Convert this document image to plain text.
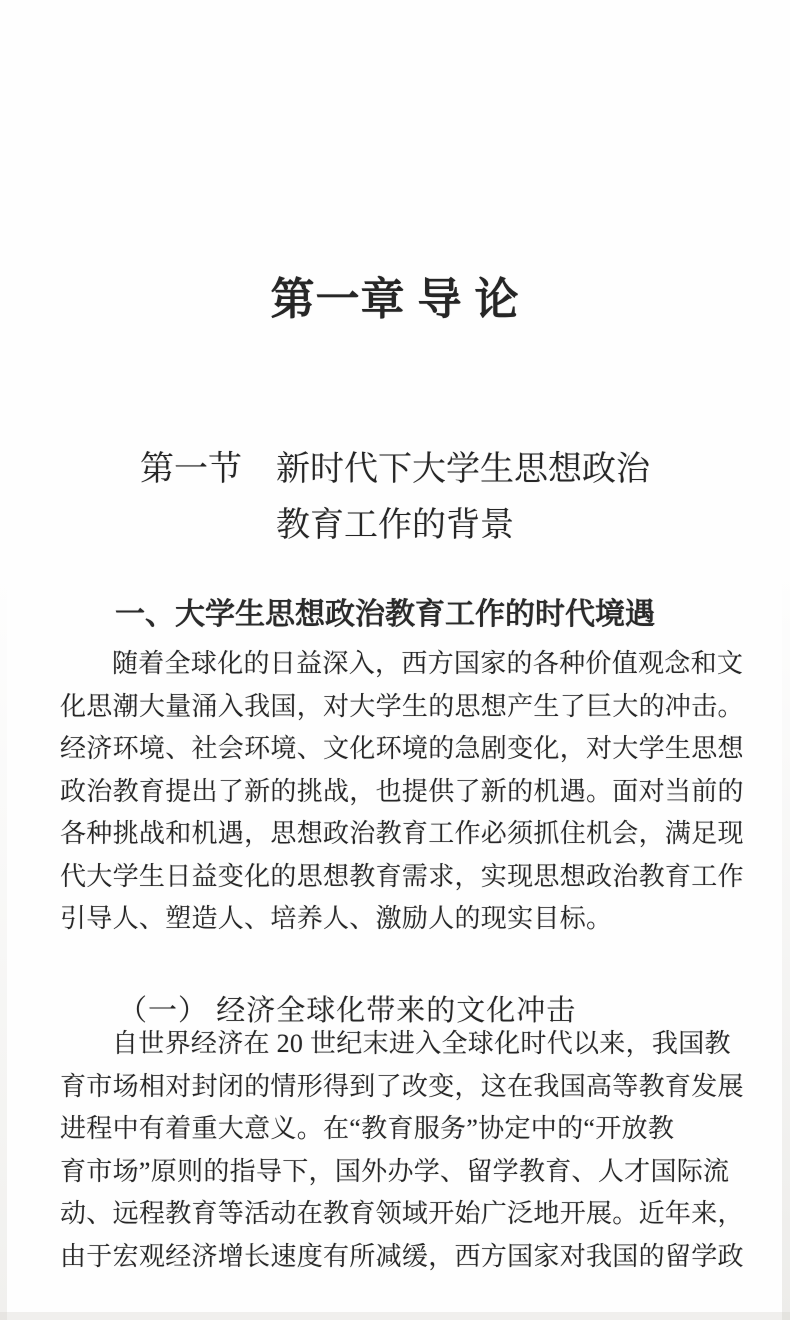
第一章 导 论
第一节　新时代下大学生思想政治
教育工作的背景
一、大学生思想政治教育工作的时代境遇
随着全球化的日益深入，西方国家的各种价值观念和文
化思潮大量涌入我国，对大学生的思想产生了巨大的冲击。
经济环境、社会环境、文化环境的急剧变化，对大学生思想
政治教育提出了新的挑战，也提供了新的机遇。面对当前的
各种挑战和机遇，思想政治教育工作必须抓住机会，满足现
代大学生日益变化的思想教育需求，实现思想政治教育工作
引导人、塑造人、培养人、激励人的现实目标。
（一） 经济全球化带来的文化冲击
自世界经济在 20 世纪末进入全球化时代以来，我国教
育市场相对封闭的情形得到了改变，这在我国高等教育发展
进程中有着重大意义。在“教育服务”协定中的“开放教
育市场”原则的指导下，国外办学、留学教育、人才国际流
动、远程教育等活动在教育领域开始广泛地开展。近年来，
由于宏观经济增长速度有所减缓，西方国家对我国的留学政
